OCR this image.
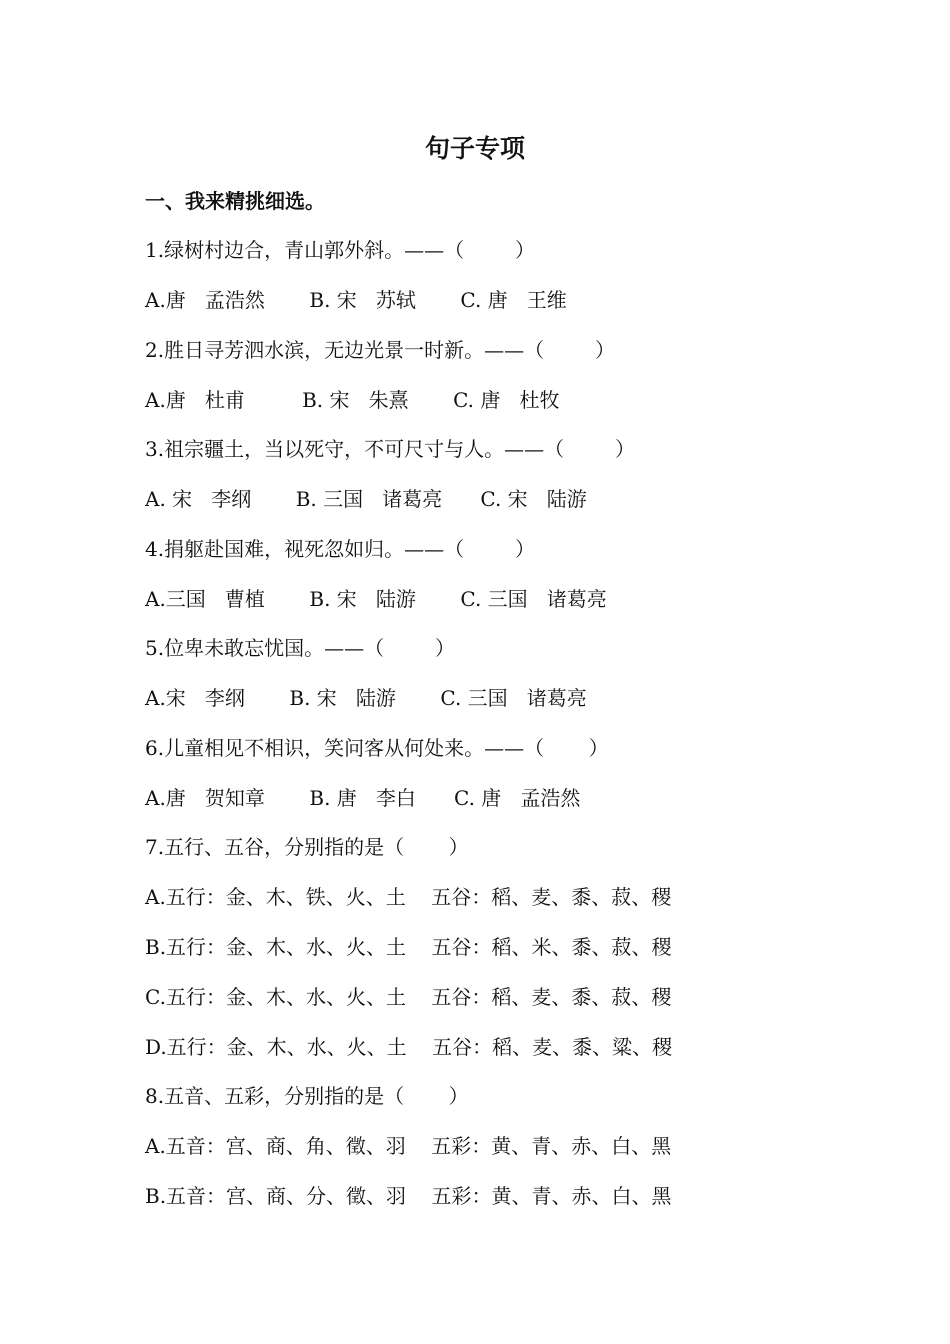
句子专项
一、我来精挑细选。
1.绿树村边合，青山郭外斜。——（        ）
A.唐   孟浩然       B. 宋   苏轼       C. 唐   王维
2.胜日寻芳泗水滨，无边光景一时新。——（        ）
A.唐   杜甫         B. 宋   朱熹       C. 唐   杜牧
3.祖宗疆土，当以死守，不可尺寸与人。——（        ）
A. 宋   李纲       B. 三国   诸葛亮      C. 宋   陆游
4.捐躯赴国难，视死忽如归。——（        ）
A.三国   曹植       B. 宋   陆游       C. 三国   诸葛亮
5.位卑未敢忘忧国。——（        ）
A.宋   李纲       B. 宋   陆游       C. 三国   诸葛亮
6.儿童相见不相识，笑问客从何处来。——（       ）
A.唐   贺知章       B. 唐   李白      C. 唐   孟浩然
7.五行、五谷，分别指的是（       ）
A.五行：金、木、铁、火、土    五谷：稻、麦、黍、菽、稷
B.五行：金、木、水、火、土    五谷：稻、米、黍、菽、稷
C.五行：金、木、水、火、土    五谷：稻、麦、黍、菽、稷
D.五行：金、木、水、火、土    五谷：稻、麦、黍、粱、稷
8.五音、五彩，分别指的是（       ）
A.五音：宫、商、角、徵、羽    五彩：黄、青、赤、白、黑
B.五音：宫、商、分、徵、羽    五彩：黄、青、赤、白、黑
